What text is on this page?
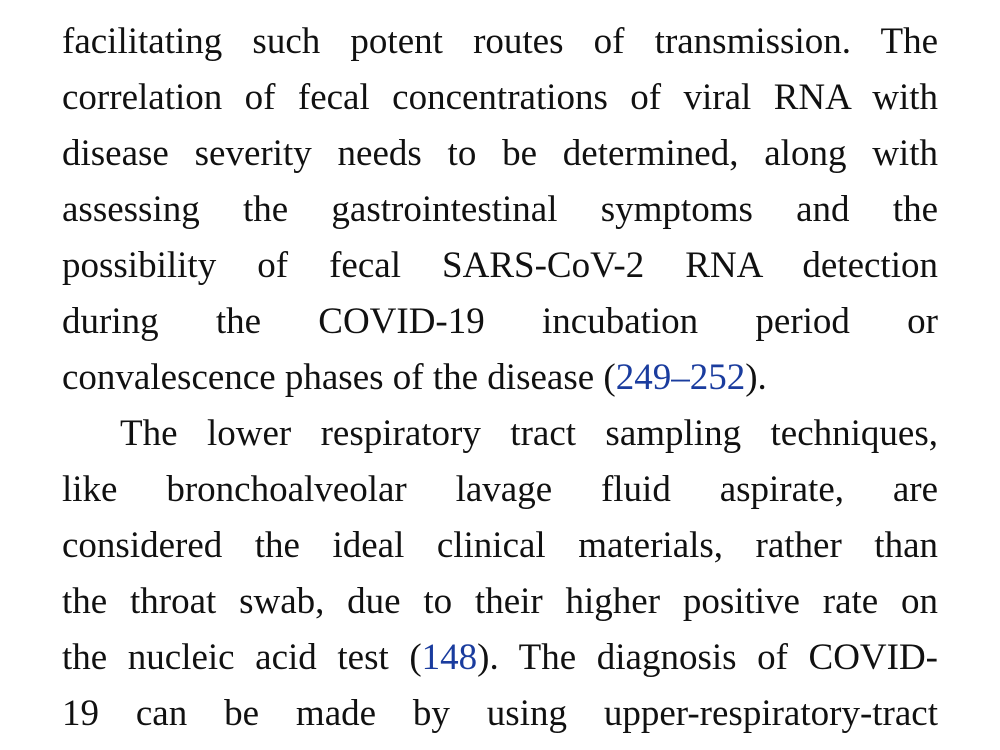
facilitating such potent routes of transmission. The
correlation of fecal concentrations of viral RNA with
disease severity needs to be determined, along with
assessing the gastrointestinal symptoms and the
possibility of fecal SARS-CoV-2 RNA detection
during the COVID-19 incubation period or
convalescence phases of the disease (249–252).
The lower respiratory tract sampling techniques,
like bronchoalveolar lavage fluid aspirate, are
considered the ideal clinical materials, rather than
the throat swab, due to their higher positive rate on
the nucleic acid test (148). The diagnosis of COVID-
19 can be made by using upper-respiratory-tract
